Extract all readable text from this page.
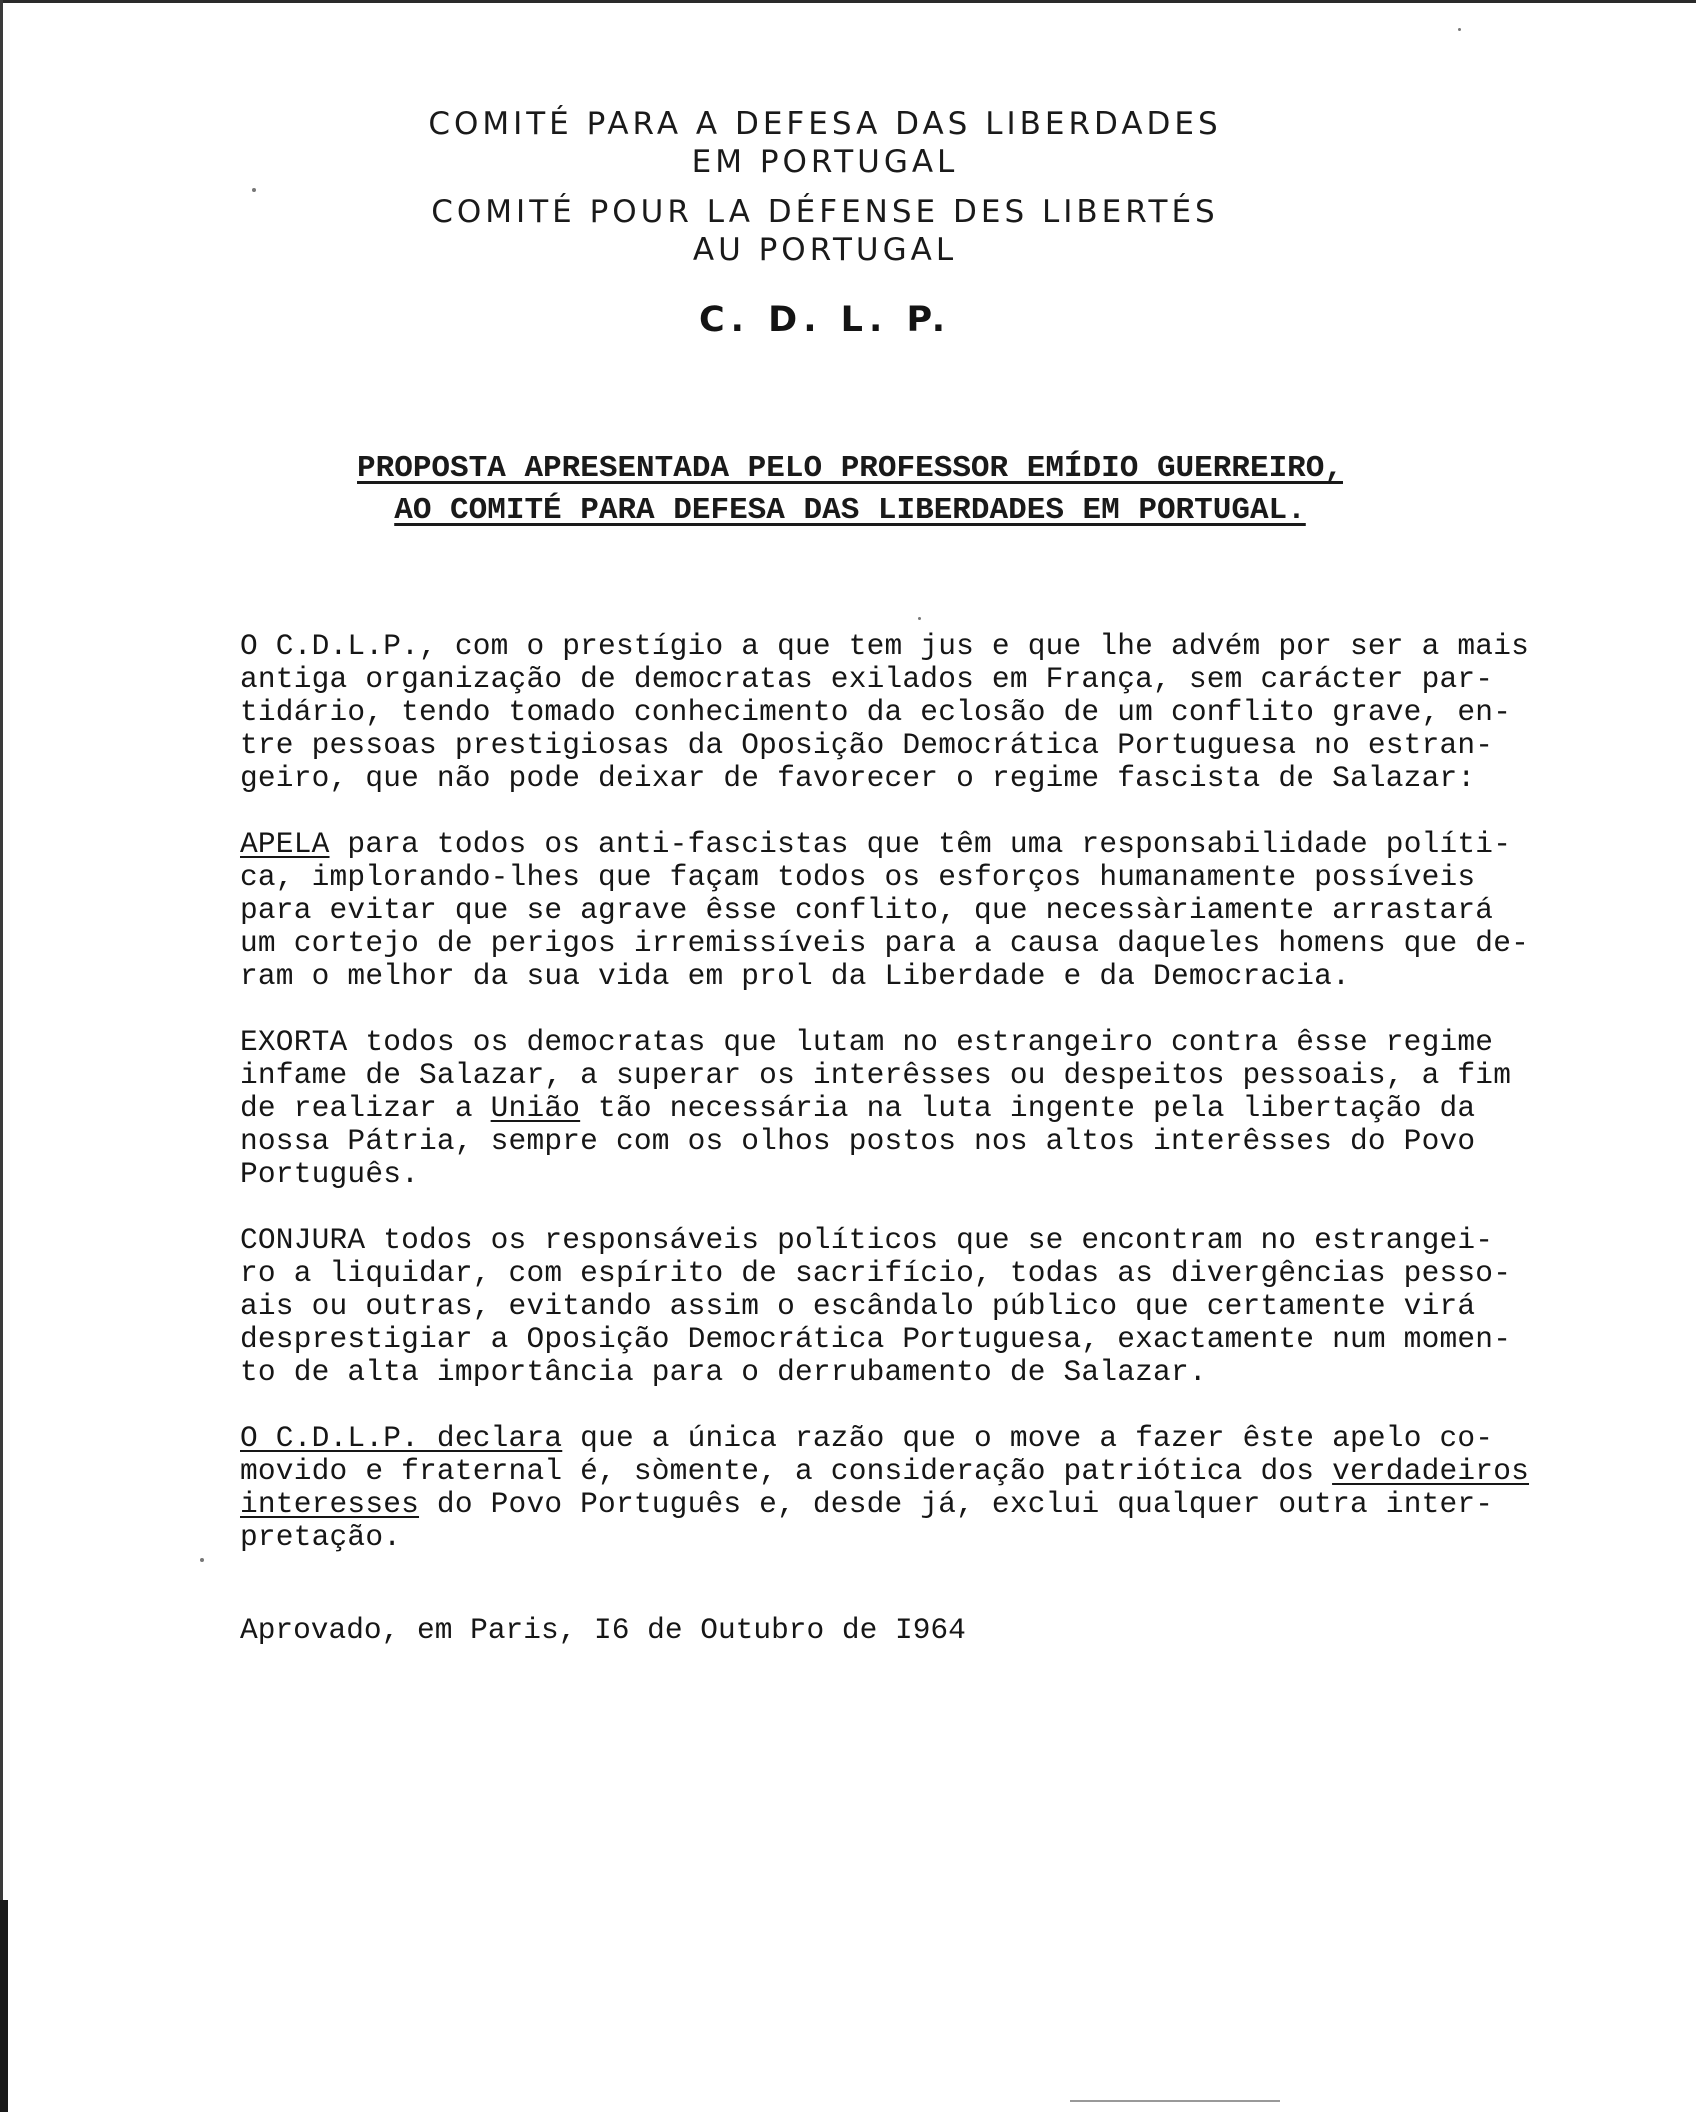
COMITÉ PARA A DEFESA DAS LIBERDADES
EM PORTUGAL
COMITÉ POUR LA DÉFENSE DES LIBERTÉS
AU PORTUGAL
C. D. L. P.
PROPOSTA APRESENTADA PELO PROFESSOR EMÍDIO GUERREIRO,
AO COMITÉ PARA DEFESA DAS LIBERDADES EM PORTUGAL.
O C.D.L.P., com o prestígio a que tem jus e que lhe advém por ser a mais
antiga organização de democratas exilados em França, sem carácter par-
tidário, tendo tomado conhecimento da eclosão de um conflito grave, en-
tre pessoas prestigiosas da Oposição Democrática Portuguesa no estran-
geiro, que não pode deixar de favorecer o regime fascista de Salazar:
APELA para todos os anti-fascistas que têm uma responsabilidade políti-
ca, implorando-lhes que façam todos os esforços humanamente possíveis
para evitar que se agrave êsse conflito, que necessàriamente arrastará
um cortejo de perigos irremissíveis para a causa daqueles homens que de-
ram o melhor da sua vida em prol da Liberdade e da Democracia.
EXORTA todos os democratas que lutam no estrangeiro contra êsse regime
infame de Salazar, a superar os interêsses ou despeitos pessoais, a fim
de realizar a União tão necessária na luta ingente pela libertação da
nossa Pátria, sempre com os olhos postos nos altos interêsses do Povo
Português.
CONJURA todos os responsáveis políticos que se encontram no estrangei-
ro a liquidar, com espírito de sacrifício, todas as divergências pesso-
ais ou outras, evitando assim o escândalo público que certamente virá
desprestigiar a Oposição Democrática Portuguesa, exactamente num momen-
to de alta importância para o derrubamento de Salazar.
O C.D.L.P. declara que a única razão que o move a fazer êste apelo co-
movido e fraternal é, sòmente, a consideração patriótica dos verdadeiros
interesses do Povo Português e, desde já, exclui qualquer outra inter-
pretação.
Aprovado, em Paris, I6 de Outubro de I964
